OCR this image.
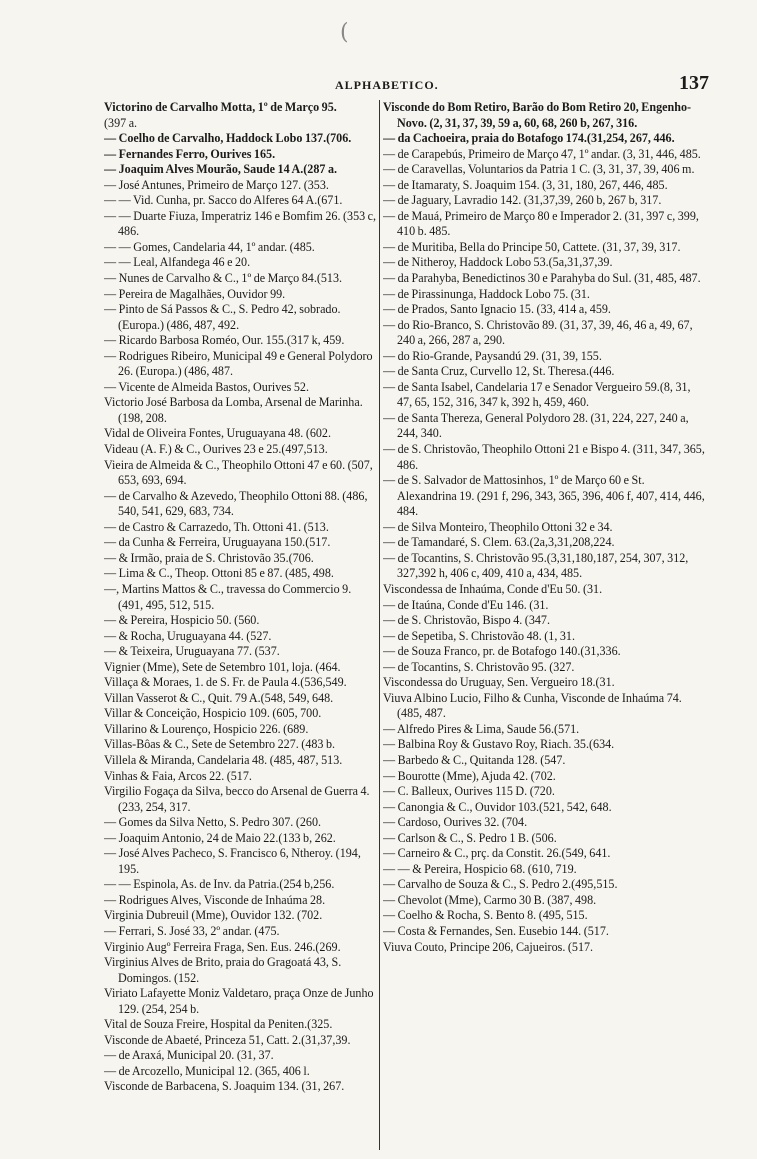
(
ALPHABETICO.	137
Victorino de Carvalho Motta, 1º de Março 95.
(397 a.
— Coelho de Carvalho, Haddock Lobo 137.(706.
— Fernandes Ferro, Ourives 165.
— Joaquim Alves Mourão, Saude 14 A.(287 a.
— José Antunes, Primeiro de Março 127. (353.
— — Vid. Cunha, pr. Sacco do Alferes 64 A.(671.
— — Duarte Fiuza, Imperatriz 146 e Bomfim 26. (353 c, 486.
— — Gomes, Candelaria 44, 1º andar. (485.
— — Leal, Alfandega 46 e 20.
— Nunes de Carvalho & C., 1º de Março 84.(513.
— Pereira de Magalhães, Ouvidor 99.
— Pinto de Sá Passos & C., S. Pedro 42, sobrado. (Europa.) (486, 487, 492.
— Ricardo Barbosa Roméo, Our. 155.(317 k, 459.
— Rodrigues Ribeiro, Municipal 49 e General Polydoro 26. (Europa.) (486, 487.
— Vicente de Almeida Bastos, Ourives 52.
Victorio José Barbosa da Lomba, Arsenal de Marinha. (198, 208.
Vidal de Oliveira Fontes, Uruguayana 48. (602.
Videau (A. F.) & C., Ourives 23 e 25.(497,513.
Vieira de Almeida & C., Theophilo Ottoni 47 e 60. (507, 653, 693, 694.
— de Carvalho & Azevedo, Theophilo Ottoni 88. (486, 540, 541, 629, 683, 734.
— de Castro & Carrazedo, Th. Ottoni 41. (513.
— da Cunha & Ferreira, Uruguayana 150.(517.
— & Irmão, praia de S. Christovão 35.(706.
— Lima & C., Theop. Ottoni 85 e 87. (485, 498.
—, Martins Mattos & C., travessa do Commercio 9. (491, 495, 512, 515.
— & Pereira, Hospicio 50. (560.
— & Rocha, Uruguayana 44. (527.
— & Teixeira, Uruguayana 77. (537.
Vignier (Mme), Sete de Setembro 101, loja. (464.
Villaça & Moraes, 1. de S. Fr. de Paula 4.(536,549.
Villan Vasserot & C., Quit. 79 A.(548, 549, 648.
Villar & Conceição, Hospicio 109. (605, 700.
Villarino & Lourenço, Hospicio 226. (689.
Villas-Bôas & C., Sete de Setembro 227. (483 b.
Villela & Miranda, Candelaria 48. (485, 487, 513.
Vinhas & Faia, Arcos 22. (517.
Virgilio Fogaça da Silva, becco do Arsenal de Guerra 4. (233, 254, 317.
— Gomes da Silva Netto, S. Pedro 307. (260.
— Joaquim Antonio, 24 de Maio 22.(133 b, 262.
— José Alves Pacheco, S. Francisco 6, Ntheroy. (194, 195.
— — Espinola, As. de Inv. da Patria.(254 b,256.
— Rodrigues Alves, Visconde de Inhaúma 28.
Virginia Dubreuil (Mme), Ouvidor 132. (702.
— Ferrari, S. José 33, 2º andar. (475.
Virginio Augº Ferreira Fraga, Sen. Eus. 246.(269.
Virginius Alves de Brito, praia do Gragoatá 43, S. Domingos. (152.
Viriato Lafayette Moniz Valdetaro, praça Onze de Junho 129. (254, 254 b.
Vital de Souza Freire, Hospital da Peniten.(325.
Visconde de Abaeté, Princeza 51, Catt. 2.(31,37,39.
— de Araxá, Municipal 20. (31, 37.
— de Arcozello, Municipal 12. (365, 406 l.
Visconde de Barbacena, S. Joaquim 134. (31, 267.
Visconde do Bom Retiro, Barão do Bom Retiro 20, Engenho-Novo. (2, 31, 37, 39, 59 a, 60, 68, 260 b, 267, 316.
— da Cachoeira, praia do Botafogo 174.(31,254, 267, 446.
— de Carapebús, Primeiro de Março 47, 1º andar. (3, 31, 446, 485.
— de Caravellas, Voluntarios da Patria 1 C. (3, 31, 37, 39, 406 m.
— de Itamaraty, S. Joaquim 154. (3, 31, 180, 267, 446, 485.
— de Jaguary, Lavradio 142. (31,37,39, 260 b, 267 b, 317.
— de Mauá, Primeiro de Março 80 e Imperador 2. (31, 397 c, 399, 410 b. 485.
— de Muritiba, Bella do Principe 50, Cattete. (31, 37, 39, 317.
— de Nitheroy, Haddock Lobo 53.(5a,31,37,39.
— da Parahyba, Benedictinos 30 e Parahyba do Sul. (31, 485, 487.
— de Pirassinunga, Haddock Lobo 75. (31.
— de Prados, Santo Ignacio 15. (33, 414 a, 459.
— do Rio-Branco, S. Christovão 89. (31, 37, 39, 46, 46 a, 49, 67, 240 a, 266, 287 a, 290.
— do Rio-Grande, Paysandú 29. (31, 39, 155.
— de Santa Cruz, Curvello 12, St. Theresa.(446.
— de Santa Isabel, Candelaria 17 e Senador Vergueiro 59.(8, 31, 47, 65, 152, 316, 347 k, 392 h, 459, 460.
— de Santa Thereza, General Polydoro 28. (31, 224, 227, 240 a, 244, 340.
— de S. Christovão, Theophilo Ottoni 21 e Bispo 4. (311, 347, 365, 486.
— de S. Salvador de Mattosinhos, 1º de Março 60 e St. Alexandrina 19. (291 f, 296, 343, 365, 396, 406 f, 407, 414, 446, 484.
— de Silva Monteiro, Theophilo Ottoni 32 e 34.
— de Tamandaré, S. Clem. 63.(2a,3,31,208,224.
— de Tocantins, S. Christovão 95.(3,31,180,187, 254, 307, 312, 327,392 h, 406 c, 409, 410 a, 434, 485.
Viscondessa de Inhaúma, Conde d'Eu 50. (31.
— de Itaúna, Conde d'Eu 146. (31.
— de S. Christovão, Bispo 4. (347.
— de Sepetiba, S. Christovão 48. (1, 31.
— de Souza Franco, pr. de Botafogo 140.(31,336.
— de Tocantins, S. Christovão 95. (327.
Viscondessa do Uruguay, Sen. Vergueiro 18.(31.
Viuva Albino Lucio, Filho & Cunha, Visconde de Inhaúma 74. (485, 487.
— Alfredo Pires & Lima, Saude 56.(571.
— Balbina Roy & Gustavo Roy, Riach. 35.(634.
— Barbedo & C., Quitanda 128. (547.
— Bourotte (Mme), Ajuda 42. (702.
— C. Balleux, Ourives 115 D. (720.
— Canongia & C., Ouvidor 103.(521, 542, 648.
— Cardoso, Ourives 32. (704.
— Carlson & C., S. Pedro 1 B. (506.
— Carneiro & C., prç. da Constit. 26.(549, 641.
— — & Pereira, Hospicio 68. (610, 719.
— Carvalho de Souza & C., S. Pedro 2.(495,515.
— Chevolot (Mme), Carmo 30 B. (387, 498.
— Coelho & Rocha, S. Bento 8. (495, 515.
— Costa & Fernandes, Sen. Eusebio 144. (517.
Viuva Couto, Principe 206, Cajueiros. (517.
